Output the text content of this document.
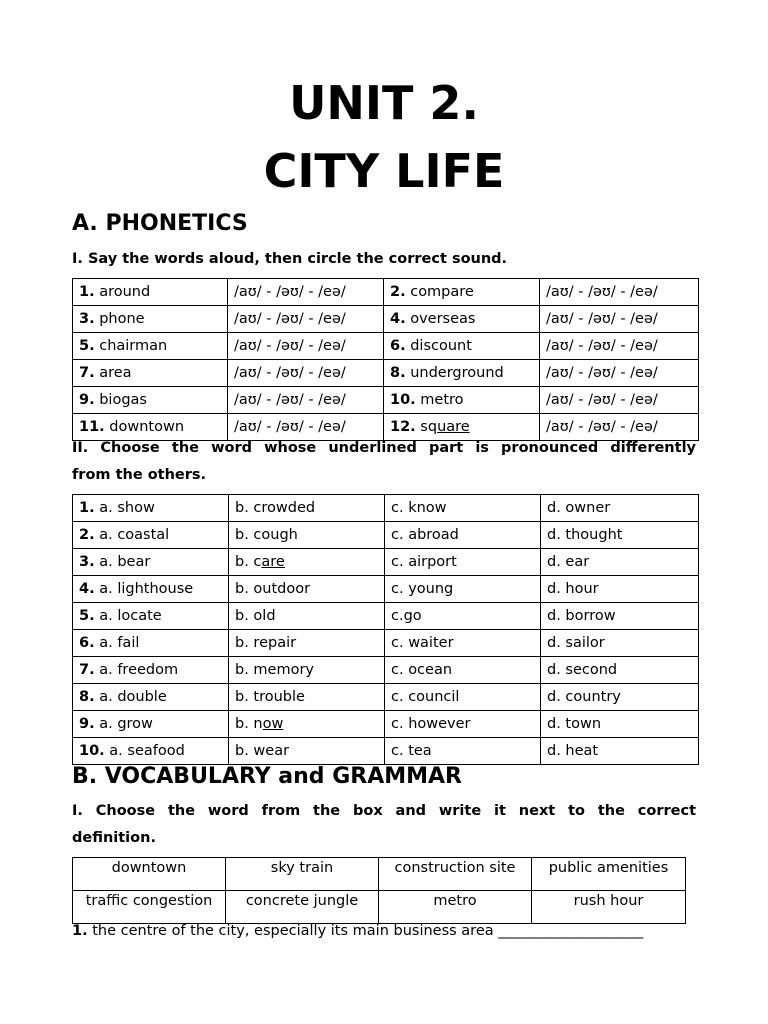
UNIT 2.
CITY LIFE
A. PHONETICS
I. Say the words aloud, then circle the correct sound.
1. around	/aʊ/ - /əʊ/ - /eə/	2. compare	/aʊ/ - /əʊ/ - /eə/
3. phone	/aʊ/ - /əʊ/ - /eə/	4. overseas	/aʊ/ - /əʊ/ - /eə/
5. chairman	/aʊ/ - /əʊ/ - /eə/	6. discount	/aʊ/ - /əʊ/ - /eə/
7. area	/aʊ/ - /əʊ/ - /eə/	8. underground	/aʊ/ - /əʊ/ - /eə/
9. biogas	/aʊ/ - /əʊ/ - /eə/	10. metro	/aʊ/ - /əʊ/ - /eə/
11. downtown	/aʊ/ - /əʊ/ - /eə/	12. square	/aʊ/ - /əʊ/ - /eə/
II. Choose the word whose underlined part is pronounced differently
from the others.
1. a. show	b. crowded	c. know	d. owner
2. a. coastal	b. cough	c. abroad	d. thought
3. a. bear	b. care	c. airport	d. ear
4. a. lighthouse	b. outdoor	c. young	d. hour
5. a. locate	b. old	c.go	d. borrow
6. a. fail	b. repair	c. waiter	d. sailor
7. a. freedom	b. memory	c. ocean	d. second
8. a. double	b. trouble	c. council	d. country
9. a. grow	b. now	c. however	d. town
10. a. seafood	b. wear	c. tea	d. heat
B. VOCABULARY and GRAMMAR
I. Choose the word from the box and write it next to the correct
definition.
downtown	sky train	construction site	public amenities
traffic congestion	concrete jungle	metro	rush hour
1. the centre of the city, especially its main business area ____________________
